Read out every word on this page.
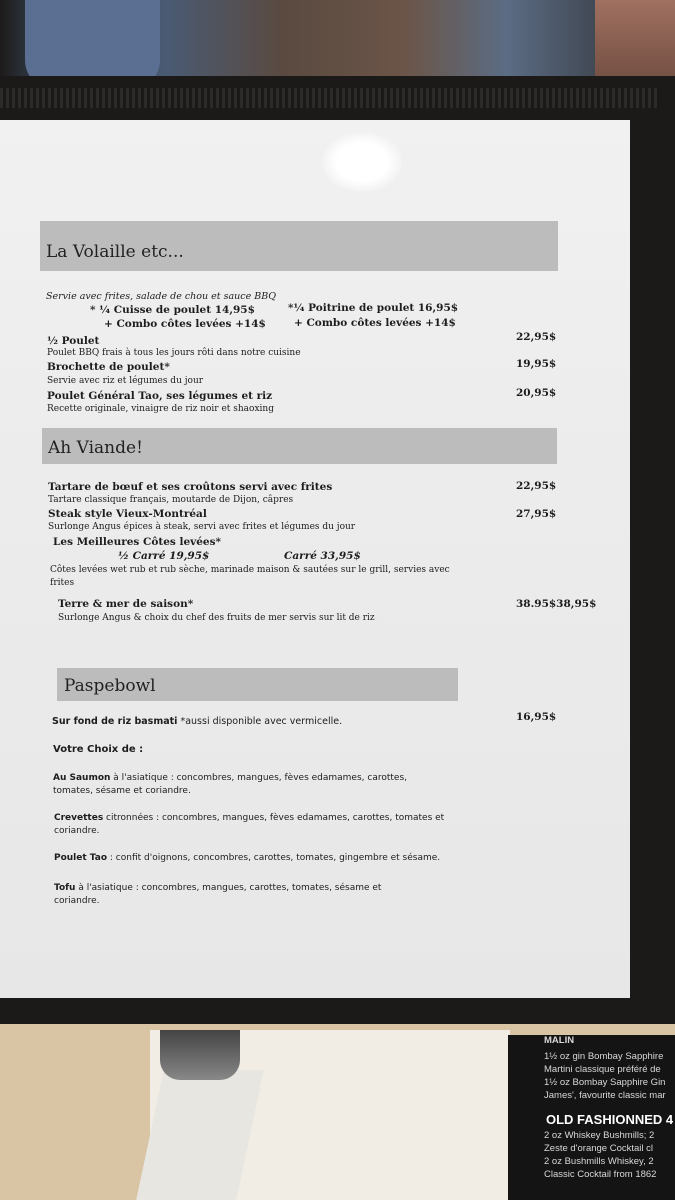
MALIN
1½ oz gin Bombay Sapphire
Martini classique préféré de
1½ oz Bombay Sapphire Gin
James', favourite classic mar
OLD FASHIONNED 4
2 oz Whiskey Bushmills; 2
Zeste d'orange Cocktail cl
2 oz Bushmills Whiskey, 2
Classic Cocktail from 1862
La Volaille etc...
Servie avec frites, salade de chou et sauce BBQ
* ¼ Cuisse de poulet 14,95$
+ Combo côtes levées +14$
*¼ Poitrine de poulet 16,95$
+ Combo côtes levées +14$
½ Poulet
Poulet BBQ frais à tous les jours rôti dans notre cuisine
22,95$
Brochette de poulet*
Servie avec riz et légumes du jour
19,95$
Poulet Général Tao, ses légumes et riz
Recette originale, vinaigre de riz noir et shaoxing
20,95$
Ah Viande!
Tartare de bœuf et ses croûtons servi avec frites
Tartare classique français, moutarde de Dijon, câpres
22,95$
Steak style Vieux-Montréal
Surlonge Angus épices à steak, servi avec frites et légumes du jour
27,95$
Les Meilleures Côtes levées*
½ Carré 19,95$	Carré 33,95$
Côtes levées wet rub et rub sèche, marinade maison & sautées sur le grill, servies avec
frites
Terre & mer de saison*
Surlonge Angus & choix du chef des fruits de mer servis sur lit de riz
38.95$38,95$
Paspebowl
Sur fond de riz basmati *aussi disponible avec vermicelle.	16,95$
Votre Choix de :
Au Saumon à l'asiatique : concombres, mangues, fèves edamames, carottes,
tomates, sésame et coriandre.
Crevettes citronnées : concombres, mangues, fèves edamames, carottes, tomates et
coriandre.
Poulet Tao : confit d'oignons, concombres, carottes, tomates, gingembre et sésame.
Tofu à l'asiatique : concombres, mangues, carottes, tomates, sésame et
coriandre.
